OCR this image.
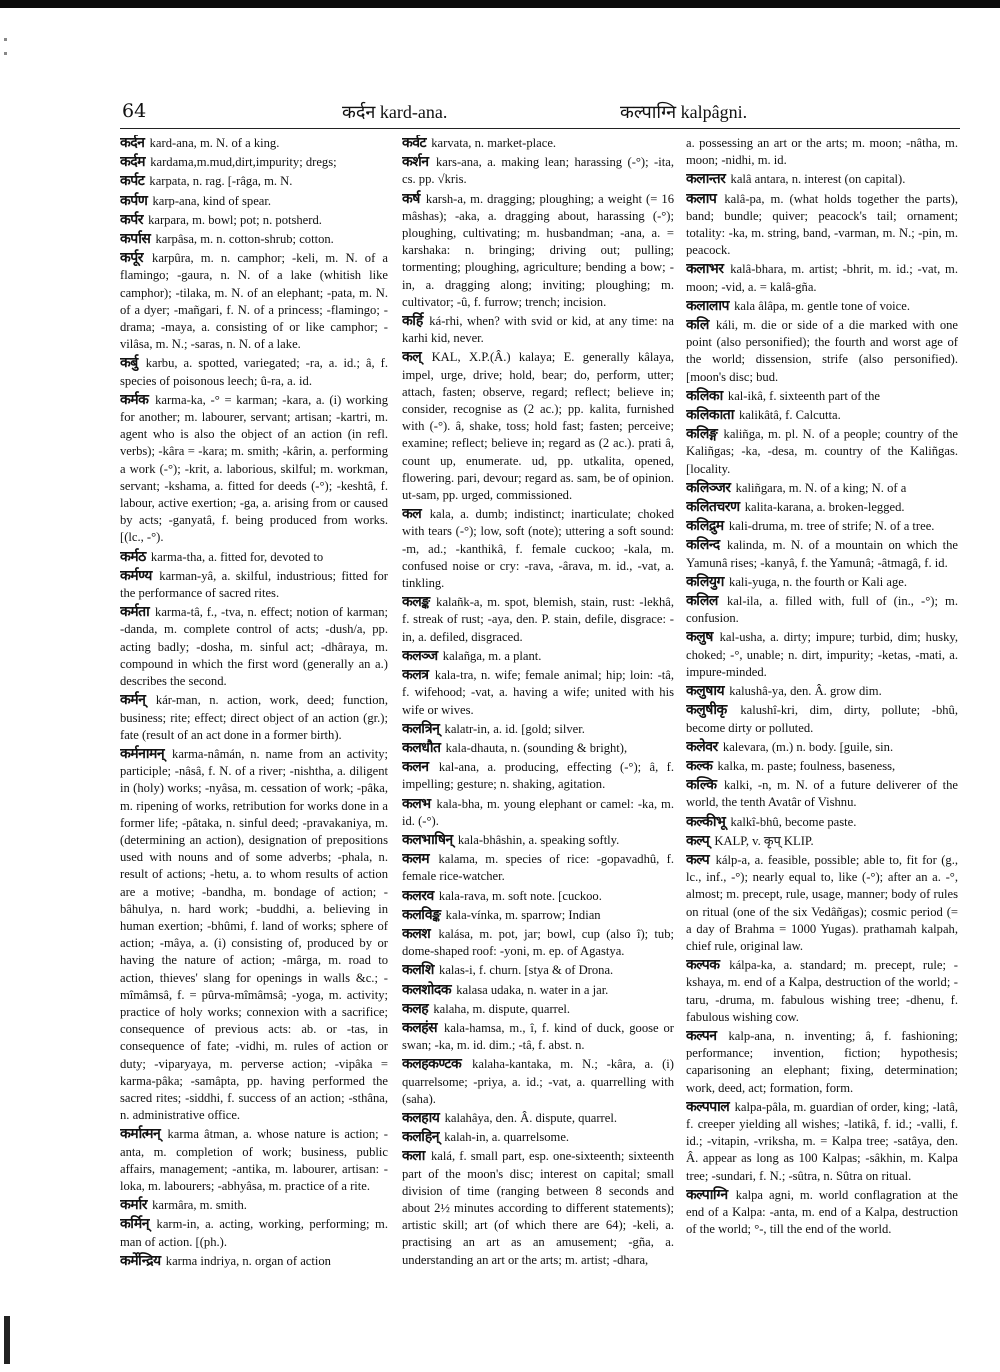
64	कर्दन kard-ana.	कल्पाग्नि kalpâgni.

कर्दन kard-ana, m. N. of a king.

कर्दम kardama,m.mud,dirt,impurity; dregs;

कर्पट karpata, n. rag. [-râga, m. N.

कर्पण karp-ana, kind of spear.

कर्पर karpara, m. bowl; pot; n. potsherd.

कर्पास karpâsa, m. n. cotton-shrub; cotton.

कर्पूर karpûra, m. n. camphor; -keli, m. N. of a flamingo; -gaura, n. N. of a lake (whitish like camphor); -tilaka, m. N. of an elephant; -pata, m. N. of a dyer; -mañgari, f. N. of a princess; -flamingo; -drama; -maya, a. consisting of or like camphor; -vilâsa, m. N.; -saras, n. N. of a lake.

कर्बु karbu, a. spotted, variegated; -ra, a. id.; â, f. species of poisonous leech; û-ra, a. id.

कर्मक karma-ka, -° = karman; -kara, a. (i) working for another; m. labourer, servant; artisan; -kartri, m. agent who is also the object of an action (in refl. verbs); -kâra = -kara; m. smith; -kârin, a. performing a work (-°); -krit, a. laborious, skilful; m. workman, servant; -kshama, a. fitted for deeds (-°); -keshtâ, f. labour, active exertion; -ga, a. arising from or caused by acts; -ganyatâ, f. being produced from works. [(lc., -°).

कर्मठ karma-tha, a. fitted for, devoted to

कर्मण्य karman-yâ, a. skilful, industrious; fitted for the performance of sacred rites.

कर्मता karma-tâ, f., -tva, n. effect; notion of karman; -danda, m. complete control of acts; -dush/a, pp. acting badly; -dosha, m. sinful act; -dhâraya, m. compound in which the first word (generally an a.) describes the second.

कर्मन् kár-man, n. action, work, deed; function, business; rite; effect; direct object of an action (gr.); fate (result of an act done in a former birth).

कर्मनामन् karma-nâmán, n. name from an activity; participle; -nâsâ, f. N. of a river; -nishtha, a. diligent in (holy) works; -nyâsa, m. cessation of work; -pâka, m. ripening of works, retribution for works done in a former life; -pâtaka, n. sinful deed; -pravakaniya, m. (determining an action), designation of prepositions used with nouns and of some adverbs; -phala, n. result of actions; -hetu, a. to whom results of action are a motive; -bandha, m. bondage of action; -bâhulya, n. hard work; -buddhi, a. believing in human exertion; -bhûmi, f. land of works; sphere of action; -mâya, a. (i) consisting of, produced by or having the nature of action; -mârga, m. road to action, thieves' slang for openings in walls &c.; -mîmâmsâ, f. = pûrva-mîmâmsâ; -yoga, m. activity; practice of holy works; connexion with a sacrifice; consequence of previous acts: ab. or -tas, in consequence of fate; -vidhi, m. rules of action or duty; -viparyaya, m. perverse action; -vipâka = karma-pâka; -samâpta, pp. having performed the sacred rites; -siddhi, f. success of an action; -sthâna, n. administrative office.

कर्मात्मन् karma âtman, a. whose nature is action; -anta, m. completion of work; business, public affairs, management; -antika, m. labourer, artisan: -loka, m. labourers; -abhyâsa, m. practice of a rite.

कर्मार karmâra, m. smith.

कर्मिन् karm-in, a. acting, working, performing; m. man of action. [(ph.).

कर्मेन्द्रिय karma indriya, n. organ of action

कर्वट karvata, n. market-place.

कर्शन kars-ana, a. making lean; harassing (-°); -ita, cs. pp. √kris.

कर्ष karsh-a, m. dragging; ploughing; a weight (= 16 mâshas); -aka, a. dragging about, harassing (-°); ploughing, cultivating; m. husbandman; -ana, a. = karshaka: n. bringing; driving out; pulling; tormenting; ploughing, agriculture; bending a bow; -in, a. dragging along; inviting; ploughing; m. cultivator; -û, f. furrow; trench; incision.

कर्हि ká-rhi, when? with svid or kid, at any time: na karhi kid, never.

कल् KAL, X.P.(Â.) kalaya; E. generally kâlaya, impel, urge, drive; hold, bear; do, perform, utter; attach, fasten; observe, regard; reflect; believe in; consider, recognise as (2 ac.); pp. kalita, furnished with (-°). â, shake, toss; hold fast; fasten; perceive; examine; reflect; believe in; regard as (2 ac.). prati â, count up, enumerate. ud, pp. utkalita, opened, flowering. pari, devour; regard as. sam, be of opinion. ut-sam, pp. urged, commissioned.

कल kala, a. dumb; indistinct; inarticulate; choked with tears (-°); low, soft (note); uttering a soft sound: -m, ad.; -kanthikâ, f. female cuckoo; -kala, m. confused noise or cry: -rava, -ârava, m. id., -vat, a. tinkling.

कलङ्क kalañk-a, m. spot, blemish, stain, rust: -lekhâ, f. streak of rust; -aya, den. P. stain, defile, disgrace: -in, a. defiled, disgraced.

कलञ्ज kalañga, m. a plant.

कलत्र kala-tra, n. wife; female animal; hip; loin: -tâ, f. wifehood; -vat, a. having a wife; united with his wife or wives.

कलत्रिन् kalatr-in, a. id. [gold; silver.

कलधौत kala-dhauta, n. (sounding & bright),

कलन kal-ana, a. producing, effecting (-°); â, f. impelling; gesture; n. shaking, agitation.

कलभ kala-bha, m. young elephant or camel: -ka, m. id. (-°).

कलभाषिन् kala-bhâshin, a. speaking softly.

कलम kalama, m. species of rice: -gopavadhû, f. female rice-watcher.

कलरव kala-rava, m. soft note. [cuckoo.

कलविङ्क kala-vínka, m. sparrow; Indian

कलश kalása, m. pot, jar; bowl, cup (also î); tub; dome-shaped roof: -yoni, m. ep. of Agastya.

कलशि kalas-i, f. churn. [stya & of Drona.

कलशोदक kalasa udaka, n. water in a jar.

कलह kalaha, m. dispute, quarrel.

कलहंस kala-hamsa, m., î, f. kind of duck, goose or swan; -ka, m. id. dim.; -tâ, f. abst. n.

कलहकण्टक kalaha-kantaka, m. N.; -kâra, a. (i) quarrelsome; -priya, a. id.; -vat, a. quarrelling with (saha).

कलहाय kalahâya, den. Â. dispute, quarrel.

कलहिन् kalah-in, a. quarrelsome.

कला kalá, f. small part, esp. one-sixteenth; sixteenth part of the moon's disc; interest on capital; small division of time (ranging between 8 seconds and about 2½ minutes according to different statements); artistic skill; art (of which there are 64); -keli, a. practising an art as an amusement; -gña, a. understanding an art or the arts; m. artist; -dhara,

a. possessing an art or the arts; m. moon; -nâtha, m. moon; -nidhi, m. id.

कलान्तर kalâ antara, n. interest (on capital).

कलाप kalâ-pa, m. (what holds together the parts), band; bundle; quiver; peacock's tail; ornament; totality: -ka, m. string, band, -varman, m. N.; -pin, m. peacock.

कलाभर kalâ-bhara, m. artist; -bhrit, m. id.; -vat, m. moon; -vid, a. = kalâ-gña.

कलालाप kala âlâpa, m. gentle tone of voice.

कलि káli, m. die or side of a die marked with one point (also personified); the fourth and worst age of the world; dissension, strife (also personified). [moon's disc; bud.

कलिका kal-ikâ, f. sixteenth part of the

कलिकाता kalikâtâ, f. Calcutta.

कलिङ्ग kaliñga, m. pl. N. of a people; country of the Kaliñgas; -ka, -desa, m. country of the Kaliñgas. [locality.

कलिञ्जर kaliñgara, m. N. of a king; N. of a

कलितचरण kalita-karana, a. broken-legged.

कलिद्रुम kali-druma, m. tree of strife; N. of a tree.

कलिन्द kalinda, m. N. of a mountain on which the Yamunâ rises; -kanyâ, f. the Yamunâ; -âtmagâ, f. id.

कलियुग kali-yuga, n. the fourth or Kali age.

कलिल kal-ila, a. filled with, full of (in., -°); m. confusion.

कलुष kal-usha, a. dirty; impure; turbid, dim; husky, choked; -°, unable; n. dirt, impurity; -ketas, -mati, a. impure-minded.

कलुषाय kalushâ-ya, den. Â. grow dim.

कलुषीकृ kalushî-kri, dim, dirty, pollute; -bhû, become dirty or polluted.

कलेवर kalevara, (m.) n. body. [guile, sin.

कल्क kalka, m. paste; foulness, baseness,

कल्कि kalki, -n, m. N. of a future deliverer of the world, the tenth Avatâr of Vishnu.

कल्कीभू kalkî-bhû, become paste.

कल्प् KALP, v. कृप् KLIP.

कल्प kálp-a, a. feasible, possible; able to, fit for (g., lc., inf., -°); nearly equal to, like (-°); after an a. -°, almost; m. precept, rule, usage, manner; body of rules on ritual (one of the six Vedâñgas); cosmic period (= a day of Brahma = 1000 Yugas). prathamah kalpah, chief rule, original law.

कल्पक kálpa-ka, a. standard; m. precept, rule; -kshaya, m. end of a Kalpa, destruction of the world; -taru, -druma, m. fabulous wishing tree; -dhenu, f. fabulous wishing cow.

कल्पन kalp-ana, n. inventing; â, f. fashioning; performance; invention, fiction; hypothesis; caparisoning an elephant; fixing, determination; work, deed, act; formation, form.

कल्पपाल kalpa-pâla, m. guardian of order, king; -latâ, f. creeper yielding all wishes; -latikâ, f. id.; -valli, f. id.; -vitapin, -vriksha, m. = Kalpa tree; -satâya, den. Â. appear as long as 100 Kalpas; -sâkhin, m. Kalpa tree; -sundari, f. N.; -sûtra, n. Sûtra on ritual.

कल्पाग्नि kalpa agni, m. world conflagration at the end of a Kalpa: -anta, m. end of a Kalpa, destruction of the world; °-, till the end of the world.
